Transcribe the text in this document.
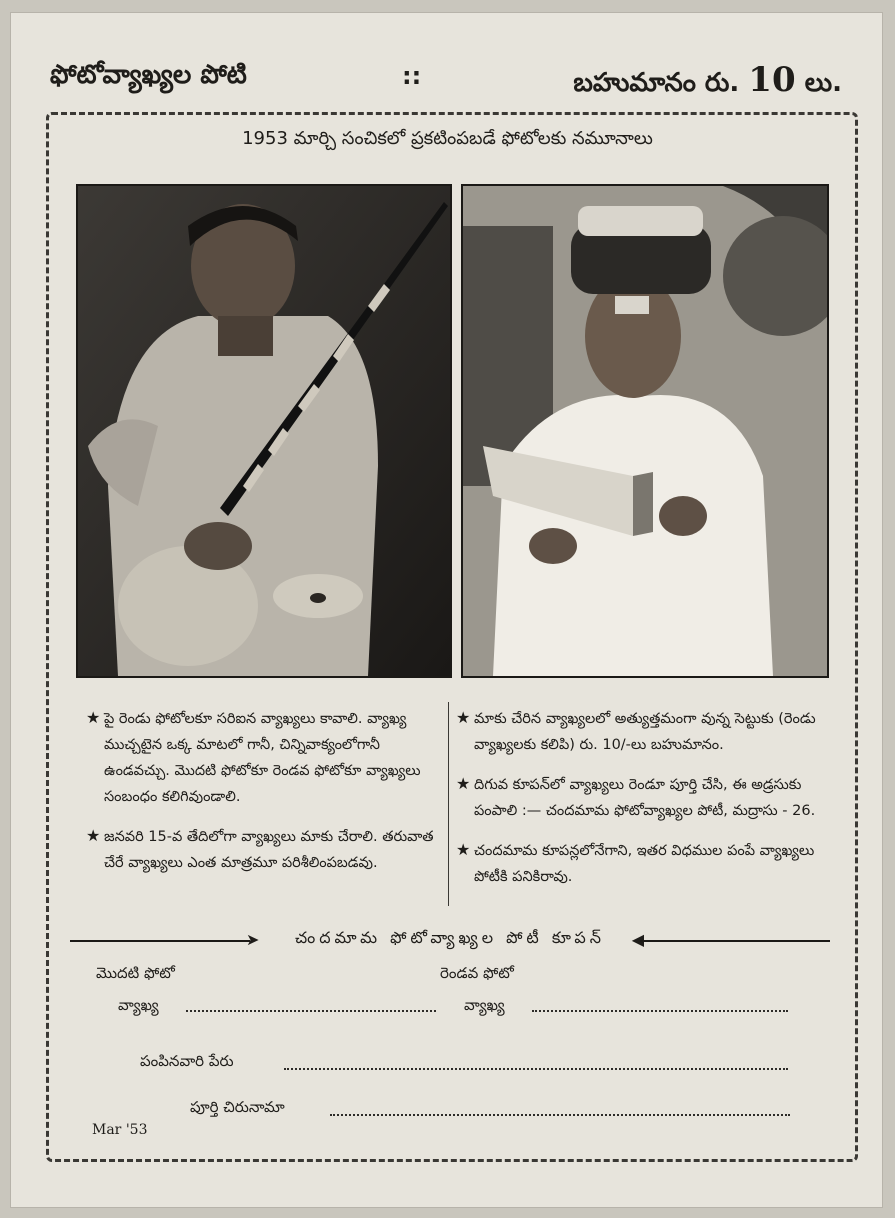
ఫోటోవ్యాఖ్యల పోటి	::	బహుమానం రు. 10 లు.
1953 మార్చి సంచికలో ప్రకటింపబడే ఫోటోలకు నమూనాలు
★ పై రెండు ఫోటోలకూ సరిఐన వ్యాఖ్యలు కావాలి. వ్యాఖ్య ముచ్చటైన ఒక్క మాటలో గానీ, చిన్నివాక్యంలోగానీ ఉండవచ్చు. మొదటి ఫోటోకూ రెండవ ఫోటోకూ వ్యాఖ్యలు సంబంధం కలిగివుండాలి.
★ జనవరి 15-వ తేదిలోగా వ్యాఖ్యలు మాకు చేరాలి. తరువాత చేరే వ్యాఖ్యలు ఎంత మాత్రమూ పరిశీలింపబడవు.
★ మాకు చేరిన వ్యాఖ్యలలో అత్యుత్తమంగా వున్న సెట్టుకు (రెండు వ్యాఖ్యలకు కలిపి) రు. 10/-లు బహుమానం.
★ దిగువ కూపన్‌లో వ్యాఖ్యలు రెండూ పూర్తి చేసి, ఈ అడ్రసుకు పంపాలి :— చందమామ ఫోటోవ్యాఖ్యల పోటీ, మద్రాసు - 26.
★ చందమామ కూపన్లలోనేగాని, ఇతర విధముల పంపే వ్యాఖ్యలు పోటీకి పనికిరావు.
➤	చందమామ ఫోటోవ్యాఖ్యల పోటీ కూపన్	◀
మొదటి ఫోటో	రెండవ ఫోటో
వ్యాఖ్య	వ్యాఖ్య
పంపినవారి పేరు
పూర్తి చిరునామా
Mar '53
